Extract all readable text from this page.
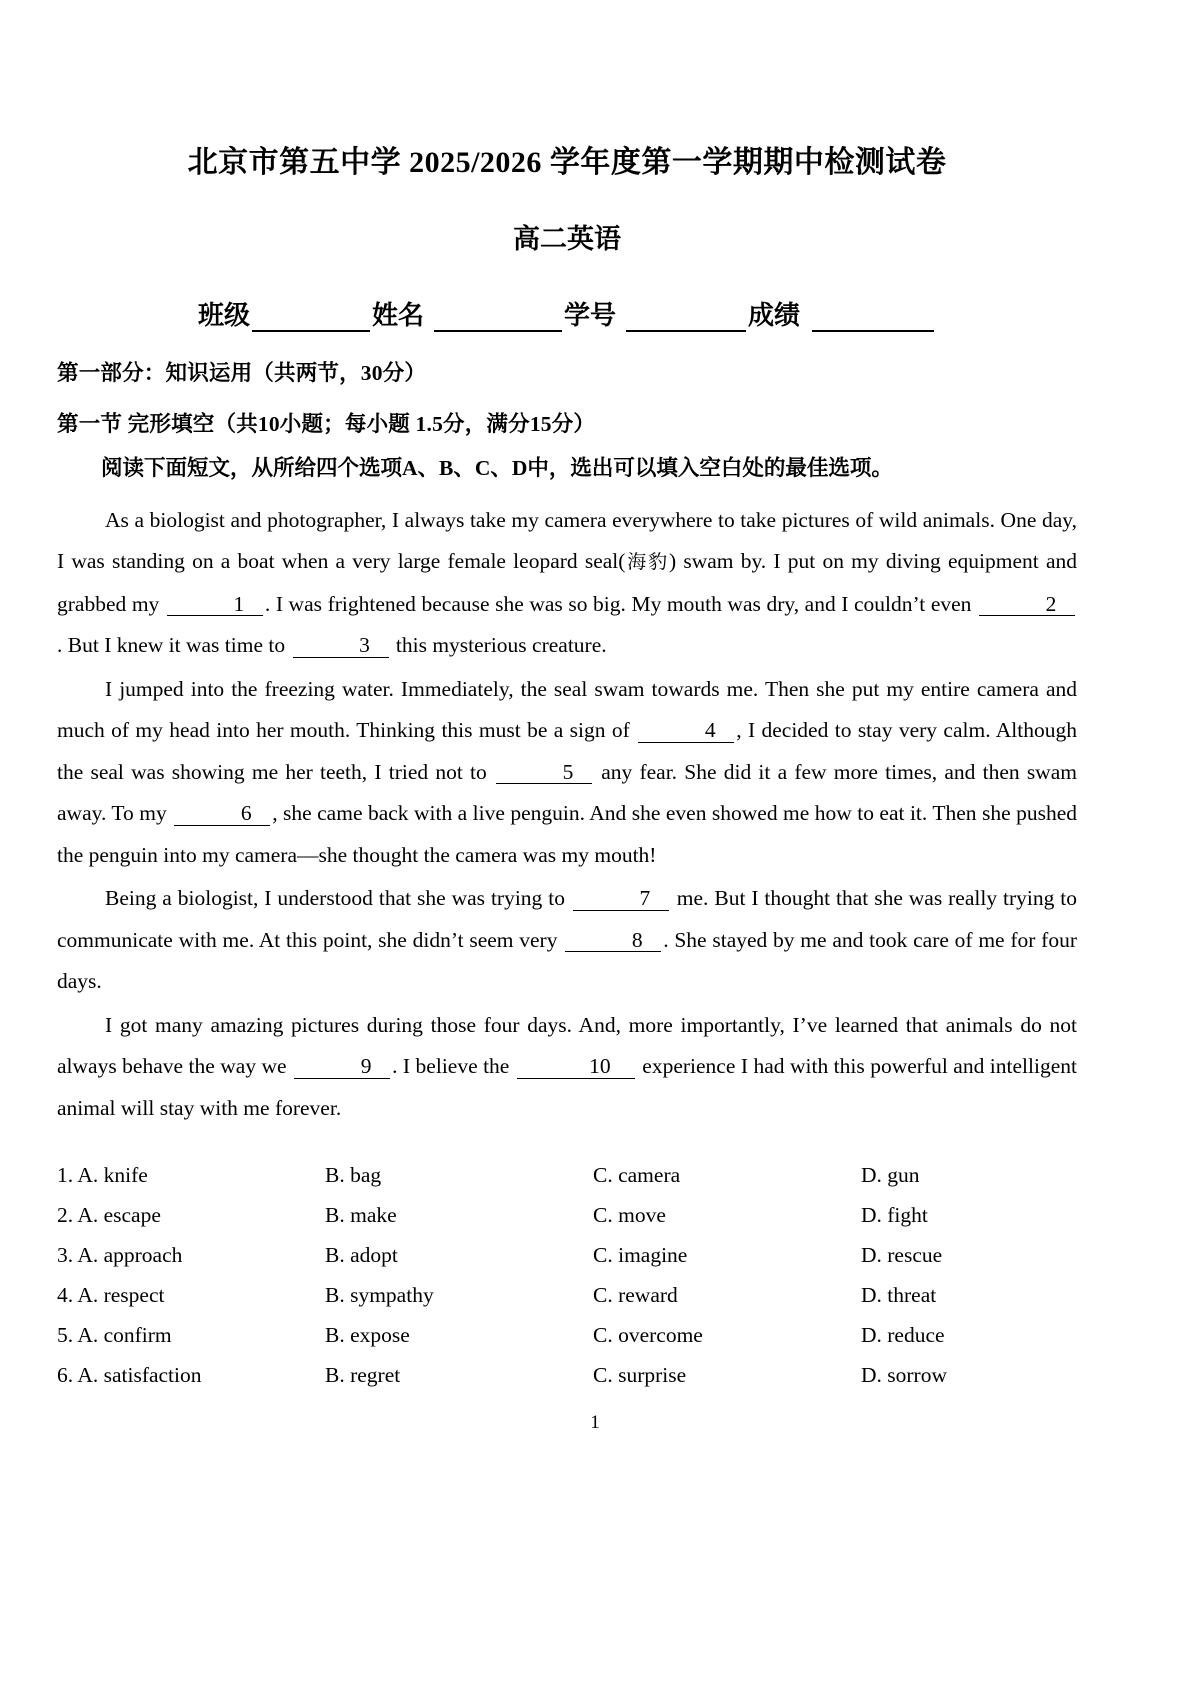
北京市第五中学 2025/2026 学年度第一学期期中检测试卷
高二英语
班级	姓名	学号	成绩

第一部分：知识运用（共两节，30分）

第一节 完形填空（共10小题；每小题 1.5分，满分15分）

阅读下面短文，从所给四个选项A、B、C、D中，选出可以填入空白处的最佳选项。

As a biologist and photographer, I always take my camera everywhere to take pictures of wild animals. One day, I was standing on a boat when a very large female leopard seal(海豹) swam by. I put on my diving equipment and grabbed my	1 . I was frightened because she was so big. My mouth was dry, and I couldn’t even	2. But I knew it was time to	3 this mysterious creature.

I jumped into the freezing water. Immediately, the seal swam towards me. Then she put my entire camera and much of my head into her mouth. Thinking this must be a sign of	4 , I decided to stay very calm. Although the seal was showing me her teeth, I tried not to	5 any fear. She did it a few more times, and then swam away. To my	6 , she came back with a live penguin. And she even showed me how to eat it. Then she pushed the penguin into my camera—she thought the camera was my mouth!

Being a biologist, I understood that she was trying to	7 me. But I thought that she was really trying to communicate with me. At this point, she didn’t seem very	8 . She stayed by me and took care of me for four days.

I got many amazing pictures during those four days. And, more importantly, I’ve learned that animals do not always behave the way we	9 . I believe the	10 experience I had with this powerful and intelligent animal will stay with me forever.

1. A. knife	B. bag	C. camera	D. gun
2. A. escape	B. make	C. move	D. fight
3. A. approach	B. adopt	C. imagine	D. rescue
4. A. respect	B. sympathy	C. reward	D. threat
5. A. confirm	B. expose	C. overcome	D. reduce
6. A. satisfaction	B. regret	C. surprise	D. sorrow
1
